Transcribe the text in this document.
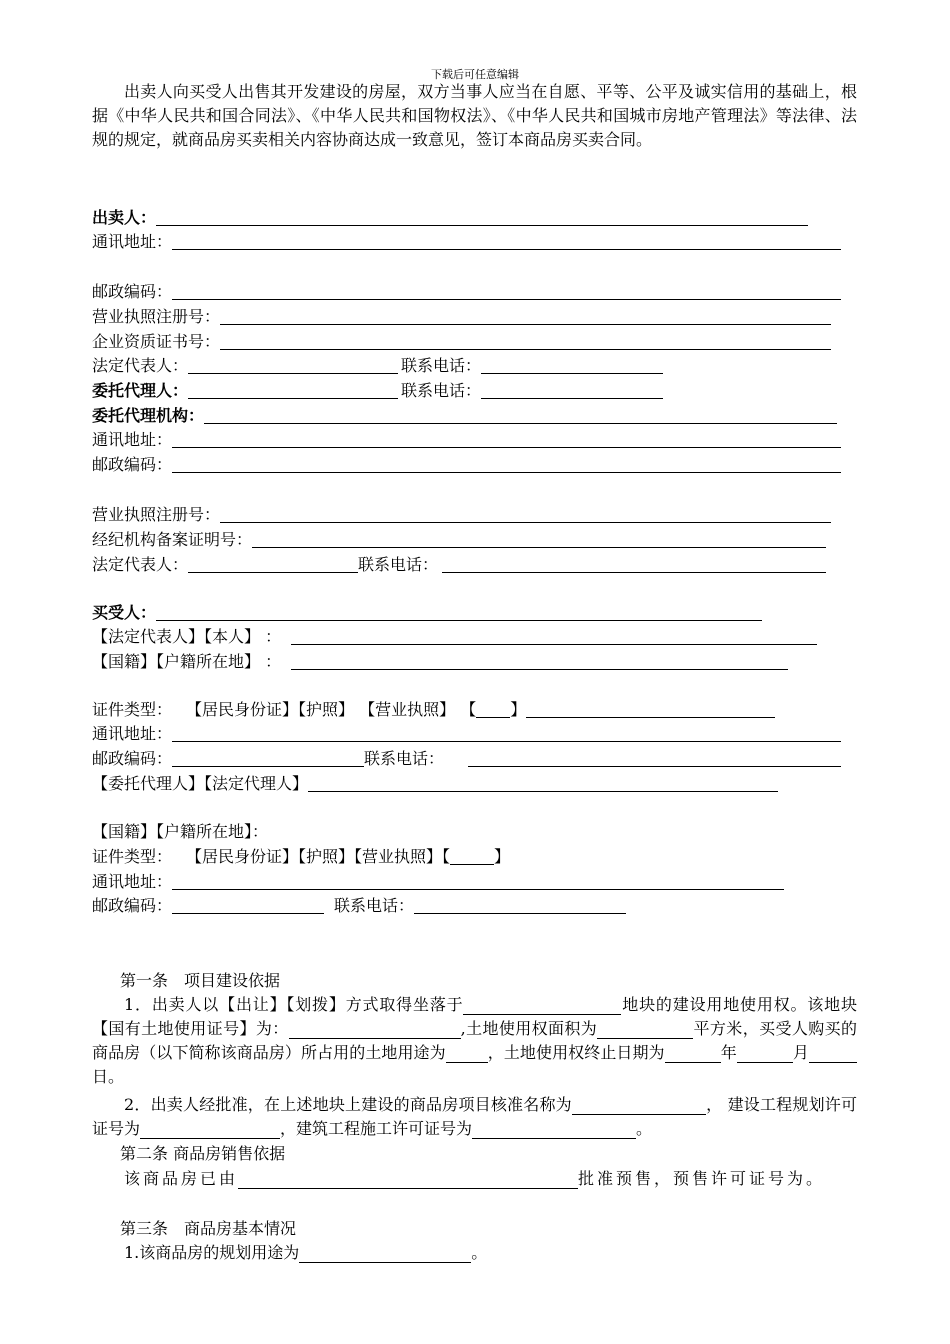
下载后可任意编辑
出卖人向买受人出售其开发建设的房屋，双方当事人应当在自愿、平等、公平及诚实信用的基础上，根据《中华人民共和国合同法》、《中华人民共和国物权法》、《中华人民共和国城市房地产管理法》等法律、法规的规定，就商品房买卖相关内容协商达成一致意见，签订本商品房买卖合同。
出卖人：
通讯地址：
邮政编码：
营业执照注册号：
企业资质证书号：
法定代表人：	联系电话：
委托代理人：	联系电话：
委托代理机构：
通讯地址：
邮政编码：
营业执照注册号：
经纪机构备案证明号：
法定代表人：	联系电话：
买受人：
【法定代表人】【本人】 ：
【国籍】【户籍所在地】 ：
证件类型： 【居民身份证】【护照】 【营业执照】 【 】
通讯地址：
邮政编码：	联系电话：
【委托代理人】【法定代理人】
【国籍】【户籍所在地】：
证件类型： 【居民身份证】【护照】【营业执照】【	】
通讯地址：
邮政编码：	联系电话：
第一条　项目建设依据
1．出卖人以【出让】【划拨】方式取得坐落于	地块的建设用地使用权。该地块【国有土地使用证号】为：	,土地使用权面积为	平方米，买受人购买的商品房（以下简称该商品房）所占用的土地用途为	，土地使用权终止日期为	年	月日。
2．出卖人经批准，在上述地块上建设的商品房项目核准名称为	， 建设工程规划许可证号为	，建筑工程施工许可证号为	。
第二条 商品房销售依据
该商品房已由	批准预售，预售许可证号为。
第三条　商品房基本情况
1.该商品房的规划用途为	。
